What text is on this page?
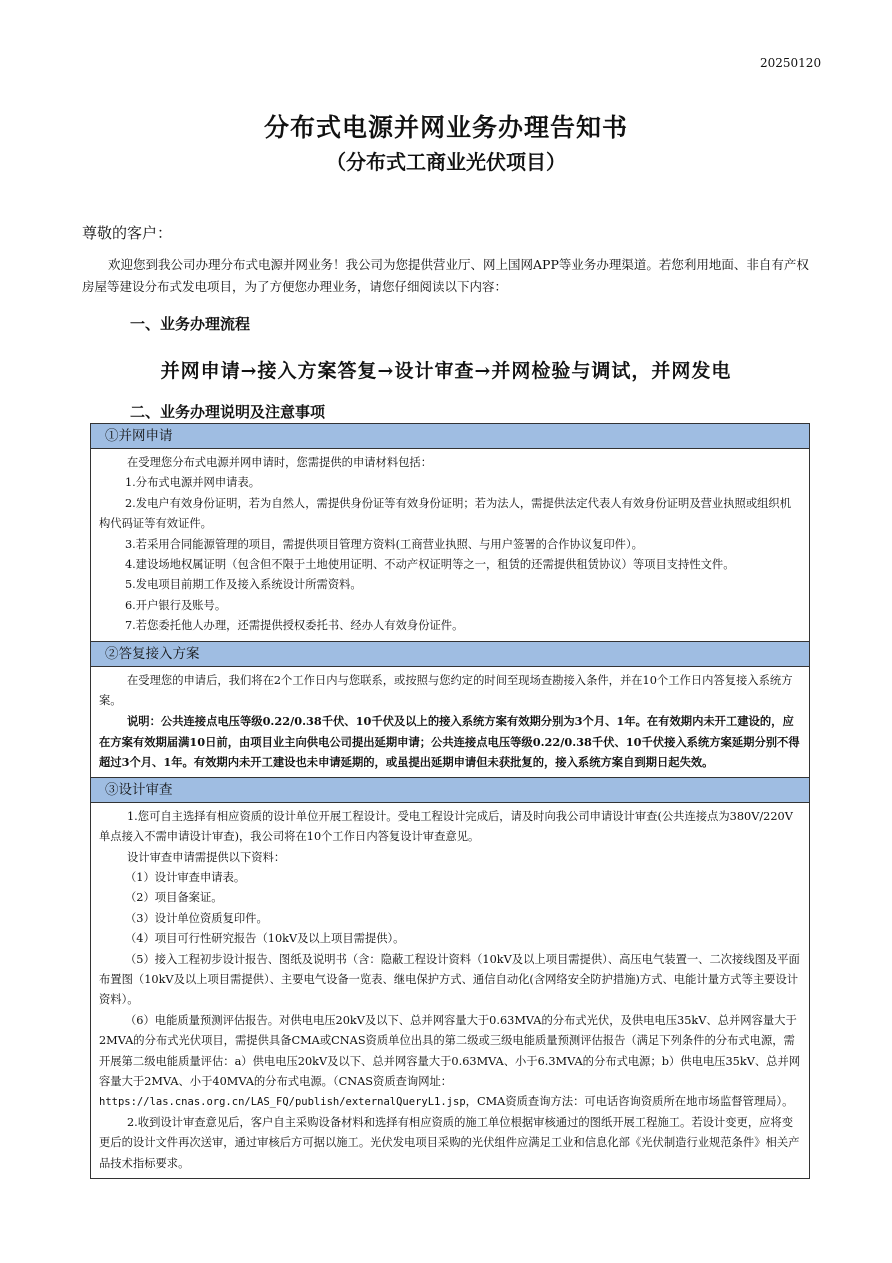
20250120
分布式电源并网业务办理告知书
（分布式工商业光伏项目）
尊敬的客户：
欢迎您到我公司办理分布式电源并网业务！我公司为您提供营业厅、网上国网APP等业务办理渠道。若您利用地面、非自有产权房屋等建设分布式发电项目，为了方便您办理业务，请您仔细阅读以下内容：
一、业务办理流程
并网申请→接入方案答复→设计审查→并网检验与调试，并网发电
二、业务办理说明及注意事项
①并网申请

在受理您分布式电源并网申请时，您需提供的申请材料包括：

1.分布式电源并网申请表。

2.发电户有效身份证明，若为自然人，需提供身份证等有效身份证明；若为法人，需提供法定代表人有效身份证明及营业执照或组织机构代码证等有效证件。

3.若采用合同能源管理的项目，需提供项目管理方资料(工商营业执照、与用户签署的合作协议复印件）。

4.建设场地权属证明（包含但不限于土地使用证明、不动产权证明等之一，租赁的还需提供租赁协议）等项目支持性文件。

5.发电项目前期工作及接入系统设计所需资料。

6.开户银行及账号。

7.若您委托他人办理，还需提供授权委托书、经办人有效身份证件。

②答复接入方案

在受理您的申请后，我们将在2个工作日内与您联系，或按照与您约定的时间至现场查勘接入条件，并在10个工作日内答复接入系统方案。

说明：公共连接点电压等级0.22/0.38千伏、10千伏及以上的接入系统方案有效期分别为3个月、1年。在有效期内未开工建设的，应在方案有效期届满10日前，由项目业主向供电公司提出延期申请；公共连接点电压等级0.22/0.38千伏、10千伏接入系统方案延期分别不得超过3个月、1年。有效期内未开工建设也未申请延期的，或虽提出延期申请但未获批复的，接入系统方案自到期日起失效。

③设计审查

1.您可自主选择有相应资质的设计单位开展工程设计。受电工程设计完成后，请及时向我公司申请设计审查(公共连接点为380V/220V单点接入不需申请设计审查)，我公司将在10个工作日内答复设计审查意见。

设计审查申请需提供以下资料：

（1）设计审查申请表。

（2）项目备案证。

（3）设计单位资质复印件。

（4）项目可行性研究报告（10kV及以上项目需提供）。

（5）接入工程初步设计报告、图纸及说明书（含：隐蔽工程设计资料（10kV及以上项目需提供）、高压电气装置一、二次接线图及平面布置图（10kV及以上项目需提供）、主要电气设备一览表、继电保护方式、通信自动化(含网络安全防护措施)方式、电能计量方式等主要设计资料）。

（6）电能质量预测评估报告。对供电电压20kV及以下、总并网容量大于0.63MVA的分布式光伏，及供电电压35kV、总并网容量大于2MVA的分布式光伏项目，需提供具备CMA或CNAS资质单位出具的第二级或三级电能质量预测评估报告（满足下列条件的分布式电源，需开展第二级电能质量评估：a）供电电压20kV及以下、总并网容量大于0.63MVA、小于6.3MVA的分布式电源；b）供电电压35kV、总并网容量大于2MVA、小于40MVA的分布式电源。（CNAS资质查询网址：

https://las.cnas.org.cn/LAS_FQ/publish/externalQueryL1.jsp，CMA资质查询方法：可电话咨询资质所在地市场监督管理局）。

2.收到设计审查意见后，客户自主采购设备材料和选择有相应资质的施工单位根据审核通过的图纸开展工程施工。若设计变更，应将变更后的设计文件再次送审，通过审核后方可据以施工。光伏发电项目采购的光伏组件应满足工业和信息化部《光伏制造行业规范条件》相关产品技术指标要求。
